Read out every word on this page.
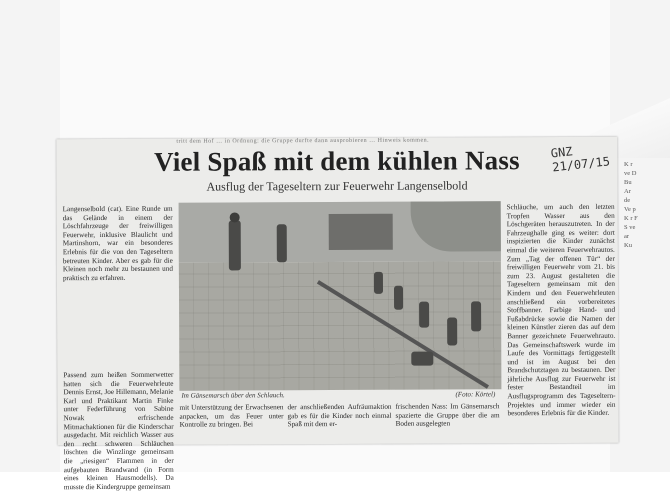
tritt dem Hof … in Ordnung: die Gruppe durfte dann ausprobieren … Hinweis kommen.
GNZ 21/07/15
Viel Spaß mit dem kühlen Nass
Ausflug der Tageseltern zur Feuerwehr Langenselbold
Langenselbold (cat). Eine Runde um das Gelände in einem der Löschfahrzeuge der freiwilligen Feuerwehr, inklusive Blaulicht und Martinshorn, war ein besonderes Erlebnis für die von den Tageseltern betreuten Kinder. Aber es gab für die Kleinen noch mehr zu bestaunen und praktisch zu erfahren.
Passend zum heißen Sommerwetter hatten sich die Feuerwehrleute Dennis Ernst, Joe Hillemann, Melanie Karl und Praktikant Martin Finke unter Federführung von Sabine Nowak erfrischende Mitmachaktionen für die Kinderschar ausgedacht. Mit reichlich Wasser aus den recht schweren Schläuchen löschten die Winzlinge gemeinsam die „riesigen“ Flammen in der aufgebauten Brandwand (in Form eines kleinen Hausmodells). Da musste die Kindergruppe gemeinsam
Im Gänsemarsch über den Schlauch.	(Foto: Körtel)
mit Unterstützung der Erwachsenen anpacken, um das Feuer unter Kontrolle zu bringen. Bei
der anschließenden Aufräumaktion gab es für die Kinder noch einmal Spaß mit dem er-
frischenden Nass: Im Gänsemarsch spazierte die Gruppe über die am Boden ausgelegten
Schläuche, um auch den letzten Tropfen Wasser aus den Löschgeräten herauszutreten. In der Fahrzeughalle ging es weiter: dort inspizierten die Kinder zunächst einmal die weiteren Feuerwehrautos. Zum „Tag der offenen Tür“ der freiwilligen Feuerwehr vom 21. bis zum 23. August gestalteten die Tageseltern gemeinsam mit den Kindern und den Feuerwehrleuten anschließend ein vorbereitetes Stoffbanner. Farbige Hand- und Fußabdrücke sowie die Namen der kleinen Künstler zieren das auf dem Banner gezeichnete Feuerwehrauto. Das Gemeinschaftswerk wurde im Laufe des Vormittags fertiggestellt und ist im August bei den Brandschutztagen zu bestaunen. Der jährliche Ausflug zur Feuerwehr ist fester Bestandteil im Ausflugsprogramm des Tageseltern-Projektes und immer wieder ein besonderes Erlebnis für die Kinder.
K r ve D Bu Ar de Ve p K r F S ve ar Ku
